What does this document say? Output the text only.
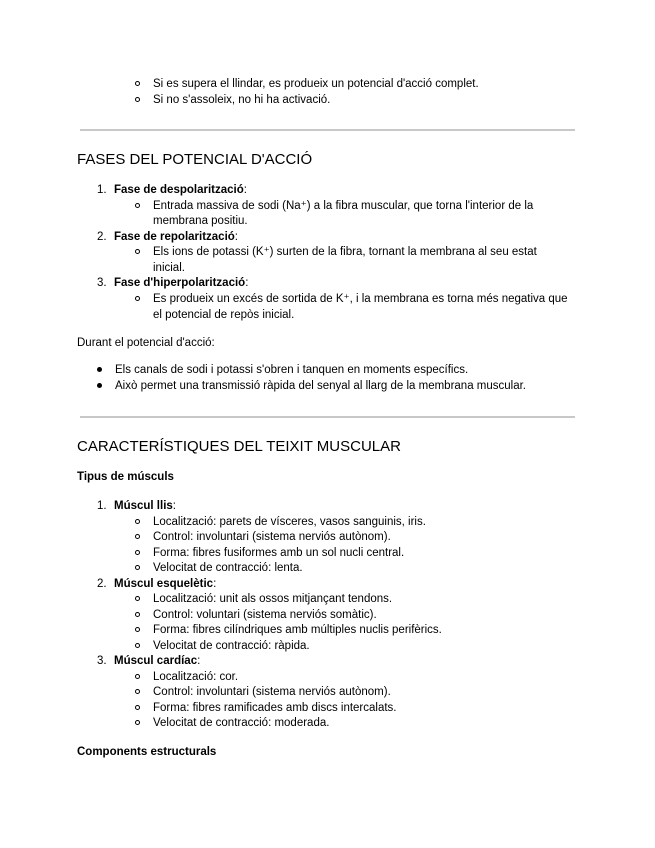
Si es supera el llindar, es produeix un potencial d'acció complet.
Si no s'assoleix, no hi ha activació.
FASES DEL POTENCIAL D'ACCIÓ
1. Fase de despolarització:
Entrada massiva de sodi (Na⁺) a la fibra muscular, que torna l'interior de la
membrana positiu.
2. Fase de repolarització:
Els ions de potassi (K⁺) surten de la fibra, tornant la membrana al seu estat
inicial.
3. Fase d'hiperpolarització:
Es produeix un excés de sortida de K⁺, i la membrana es torna més negativa que
el potencial de repòs inicial.
Durant el potencial d'acció:
Els canals de sodi i potassi s'obren i tanquen en moments específics.
Això permet una transmissió ràpida del senyal al llarg de la membrana muscular.
CARACTERÍSTIQUES DEL TEIXIT MUSCULAR
Tipus de músculs
1. Múscul llis:
Localització: parets de vísceres, vasos sanguinis, iris.
Control: involuntari (sistema nerviós autònom).
Forma: fibres fusiformes amb un sol nucli central.
Velocitat de contracció: lenta.
2. Múscul esquelètic:
Localització: unit als ossos mitjançant tendons.
Control: voluntari (sistema nerviós somàtic).
Forma: fibres cilíndriques amb múltiples nuclis perifèrics.
Velocitat de contracció: ràpida.
3. Múscul cardíac:
Localització: cor.
Control: involuntari (sistema nerviós autònom).
Forma: fibres ramificades amb discs intercalats.
Velocitat de contracció: moderada.
Components estructurals
